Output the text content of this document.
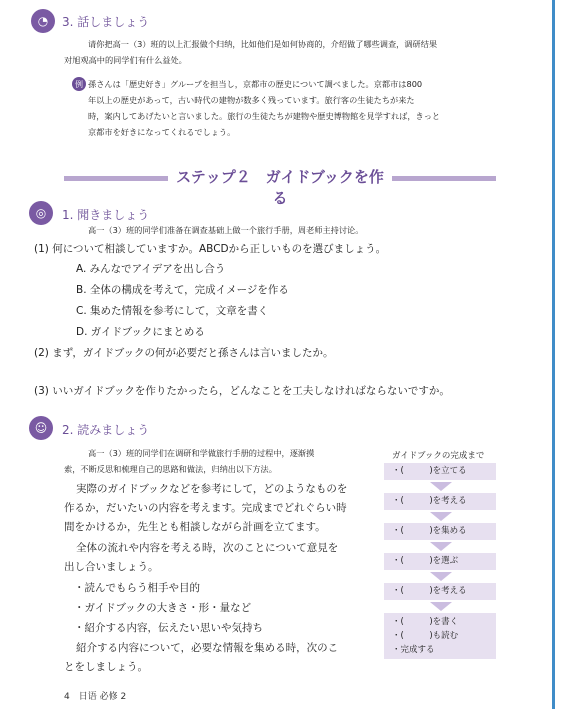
◔	3. 話しましょう
请你把高一（3）班的以上汇报做个归纳，比如他们是如何协商的，介绍做了哪些调查，调研结果
对旭观高中的同学们有什么益处。
例 孫さんは「歴史好き」グループを担当し，京都市の歴史について調べました。京都市は800
年以上の歴史があって，古い時代の建物が数多く残っています。旅行客の生徒たちが来た
時，案内してあげたいと言いました。旅行の生徒たちが建物や歴史博物館を見学すれば，きっと
京都市を好きになってくれるでしょう。
ステップ２　ガイドブックを作る
◎	1. 聞きましょう
高一（3）班的同学们准备在调查基础上做一个旅行手册，周老师主持讨论。
(1) 何について相談していますか。ABCDから正しいものを選びましょう。
A. みんなでアイデアを出し合う
B. 全体の構成を考えて，完成イメージを作る
C. 集めた情報を参考にして，文章を書く
D. ガイドブックにまとめる
(2) まず，ガイドブックの何が必要だと孫さんは言いましたか。
(3) いいガイドブックを作りたかったら，どんなことを工夫しなければならないですか。
☺	2. 読みましょう
高一（3）班的同学们在调研和学做旅行手册的过程中，逐渐摸
索，不断反思和梳理自己的思路和做法，归纳出以下方法。
実際のガイドブックなどを参考にして，どのようなものを
作るか，だいたいの内容を考えます。完成までどれぐらい時
間をかけるか，先生とも相談しながら計画を立てます。
全体の流れや内容を考える時，次のことについて意見を
出し合いましょう。
・読んでもらう相手や目的
・ガイドブックの大きさ・形・量など
・紹介する内容，伝えたい思いや気持ち
紹介する内容について，必要な情報を集める時，次のこ
とをしましょう。
ガイドブックの完成まで
・(　　　)を立てる
・(　　　)を考える
・(　　　)を集める
・(　　　)を選ぶ
・(　　　)を考える
・(　　　)を書く
・(　　　)も読む
・完成する
4　日语 必修 2
